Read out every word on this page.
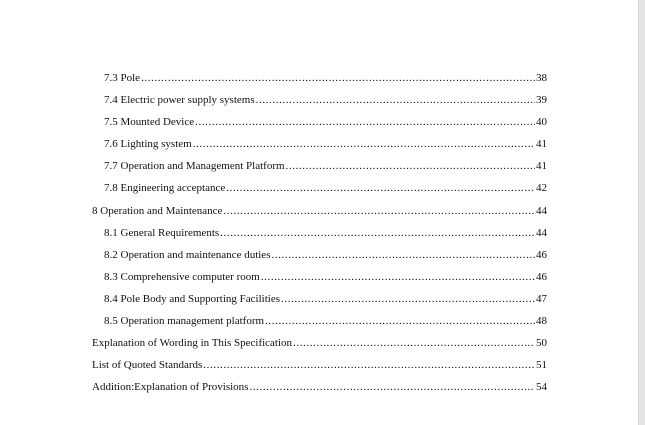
7.3 Pole .....	38
7.4 Electric power supply systems .....	39
7.5 Mounted Device .....	40
7.6 Lighting system .....	41
7.7 Operation and Management Platform .....	41
7.8 Engineering acceptance .....	42
8 Operation and Maintenance .....	44
8.1 General Requirements .....	44
8.2 Operation and maintenance duties .....	46
8.3 Comprehensive computer room .....	46
8.4 Pole Body and Supporting Facilities .....	47
8.5 Operation management platform .....	48
Explanation of Wording in This Specification .....	50
List of Quoted Standards .....	51
Addition:Explanation of Provisions .....	54
